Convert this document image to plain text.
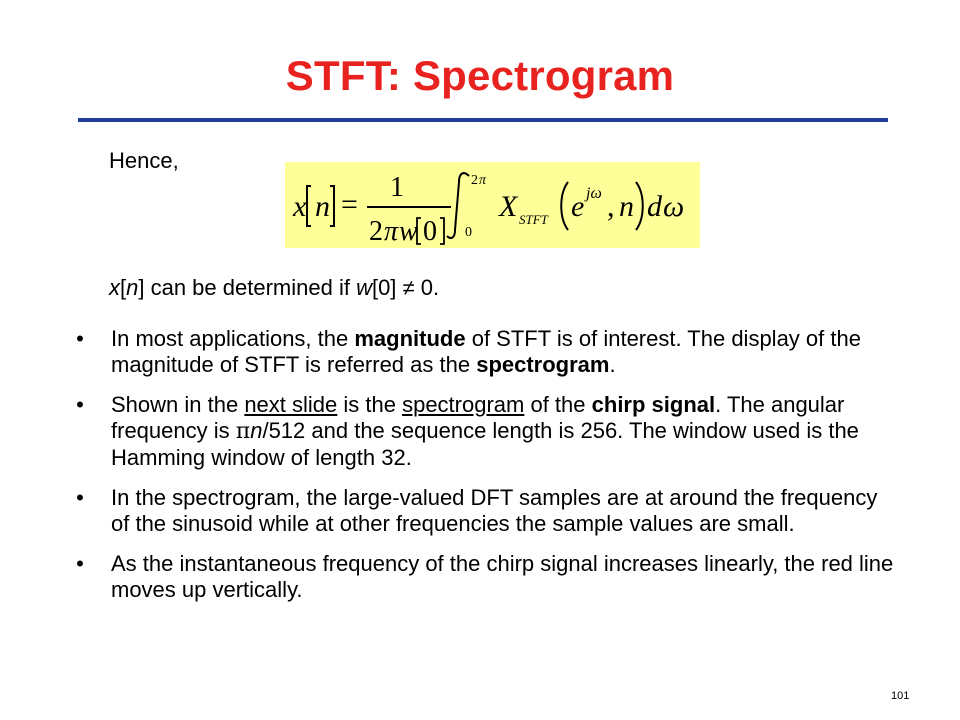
STFT: Spectrogram
Hence,
x n =
1
2 π w 0
2 π
0
X STFT e jω , n d ω
x[n] can be determined if w[0] ≠ 0.
• In most applications, the magnitude of STFT is of interest. The display of the magnitude of STFT is referred as the spectrogram.
• Shown in the next slide is the spectrogram of the chirp signal. The angular frequency is πn/512 and the sequence length is 256. The window used is the Hamming window of length 32.
• In the spectrogram, the large-valued DFT samples are at around the frequency of the sinusoid while at other frequencies the sample values are small.
• As the instantaneous frequency of the chirp signal increases linearly, the red line moves up vertically.
101
